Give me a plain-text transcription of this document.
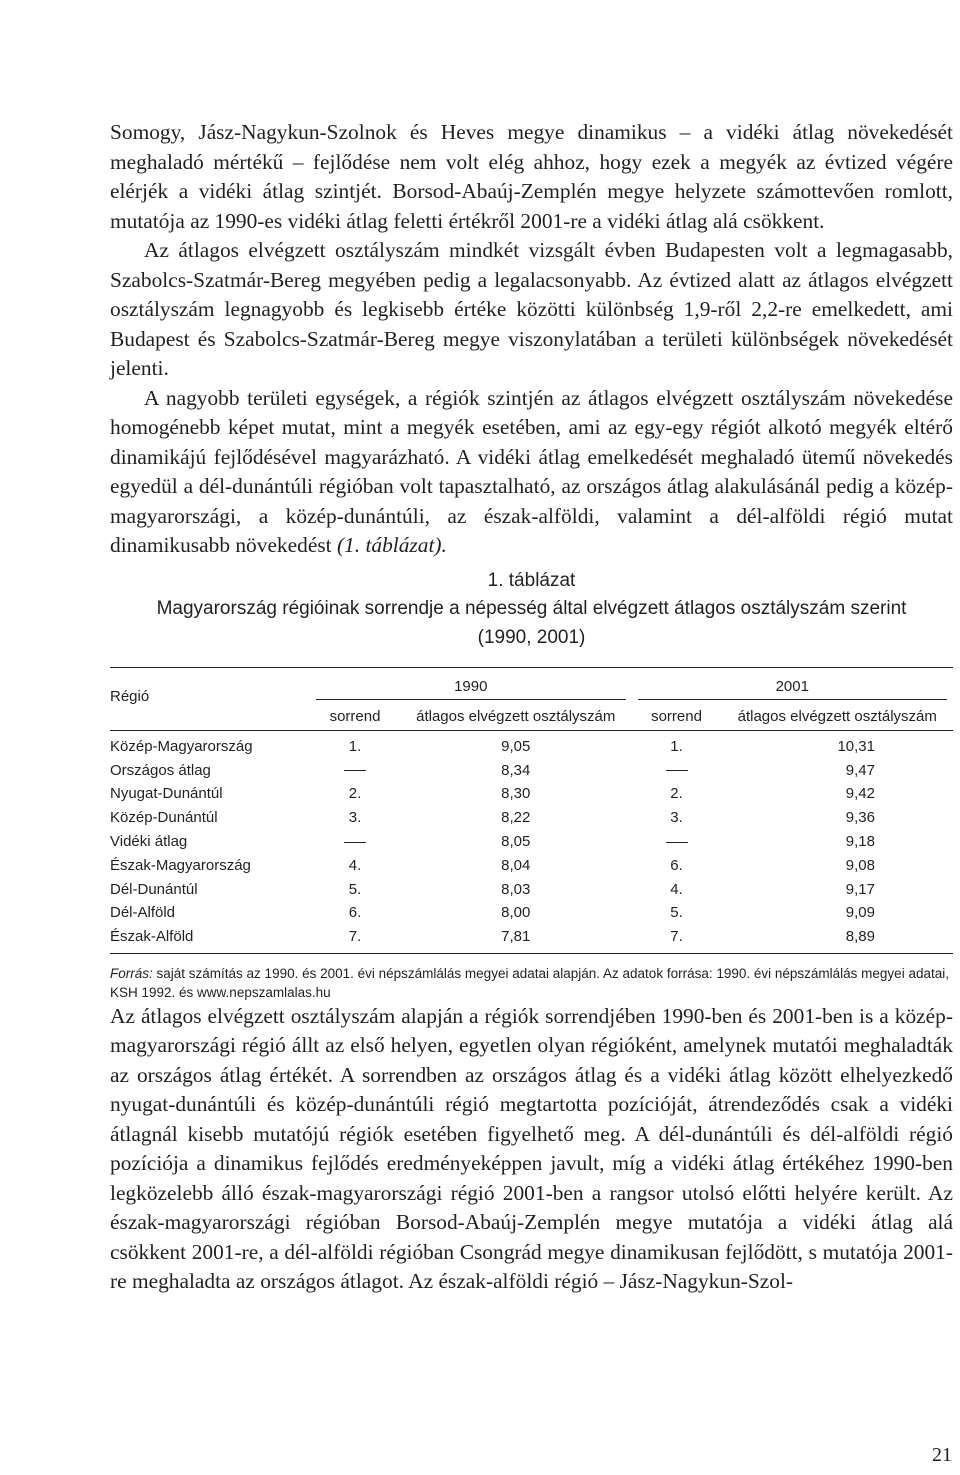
Somogy, Jász-Nagykun-Szolnok és Heves megye dinamikus – a vidéki átlag növekedését meghaladó mértékű – fejlődése nem volt elég ahhoz, hogy ezek a megyék az évtized végére elérjék a vidéki átlag szintjét. Borsod-Abaúj-Zemplén megye helyzete számottevően romlott, mutatója az 1990-es vidéki átlag feletti értékről 2001-re a vidéki átlag alá csökkent.

Az átlagos elvégzett osztályszám mindkét vizsgált évben Budapesten volt a legmagasabb, Szabolcs-Szatmár-Bereg megyében pedig a legalacsonyabb. Az évtized alatt az átlagos elvégzett osztályszám legnagyobb és legkisebb értéke közötti különbség 1,9-ről 2,2-re emelkedett, ami Budapest és Szabolcs-Szatmár-Bereg megye viszonylatában a területi különbségek növekedését jelenti.

A nagyobb területi egységek, a régiók szintjén az átlagos elvégzett osztályszám növekedése homogénebb képet mutat, mint a megyék esetében, ami az egy-egy régiót alkotó megyék eltérő dinamikájú fejlődésével magyarázható. A vidéki átlag emelkedését meghaladó ütemű növekedés egyedül a dél-dunántúli régióban volt tapasztalható, az országos átlag alakulásánál pedig a közép-magyarországi, a közép-dunántúli, az észak-alföldi, valamint a dél-alföldi régió mutat dinamikusabb növekedést (1. táblázat).

1. táblázat
Magyarország régióinak sorrendje a népesség által elvégzett átlagos osztályszám szerint
(1990, 2001)
Régió	1990		2001	

	sorrend	átlagos elvégzett osztályszám	sorrend	átlagos elvégzett osztályszám
Közép-Magyarország	1.	9,05	1.	10,31
Országos átlag		8,34		9,47
Nyugat-Dunántúl	2.	8,30	2.	9,42
Közép-Dunántúl	3.	8,22	3.	9,36
Vidéki átlag		8,05		9,18
Észak-Magyarország	4.	8,04	6.	9,08
Dél-Dunántúl	5.	8,03	4.	9,17
Dél-Alföld	6.	8,00	5.	9,09
Észak-Alföld	7.	7,81	7.	8,89
Forrás: saját számítás az 1990. és 2001. évi népszámlálás megyei adatai alapján. Az adatok forrása: 1990. évi népszámlálás megyei adatai, KSH 1992. és www.nepszamlalas.hu

Az átlagos elvégzett osztályszám alapján a régiók sorrendjében 1990-ben és 2001-ben is a közép-magyarországi régió állt az első helyen, egyetlen olyan régióként, amelynek mutatói meghaladták az országos átlag értékét. A sorrendben az országos átlag és a vidéki átlag között elhelyezkedő nyugat-dunántúli és közép-dunántúli régió megtartotta pozícióját, átrendeződés csak a vidéki átlagnál kisebb mutatójú régiók esetében figyelhető meg. A dél-dunántúli és dél-alföldi régió pozíciója a dinamikus fejlődés eredményeképpen javult, míg a vidéki átlag értékéhez 1990-ben legközelebb álló észak-magyarországi régió 2001-ben a rangsor utolsó előtti helyére került. Az észak-magyarországi régióban Borsod-Abaúj-Zemplén megye mutatója a vidéki átlag alá csökkent 2001-re, a dél-alföldi régióban Csongrád megye dinamikusan fejlődött, s mutatója 2001-re meghaladta az országos átlagot. Az észak-alföldi régió – Jász-Nagykun-Szol-

21
